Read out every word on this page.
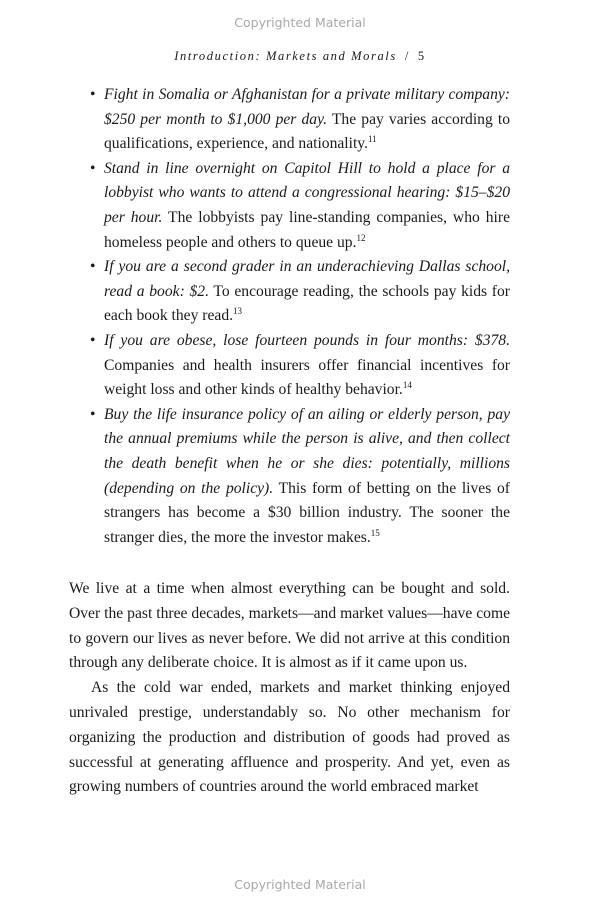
Copyrighted Material
Introduction: Markets and Morals / 5
• Fight in Somalia or Afghanistan for a private military company: $250 per month to $1,000 per day. The pay varies according to qualifications, experience, and nationality.$^{11}$
• Stand in line overnight on Capitol Hill to hold a place for a lobbyist who wants to attend a congressional hearing: $15–$20 per hour. The lobbyists pay line-standing companies, who hire homeless people and others to queue up.$^{12}$
• If you are a second grader in an underachieving Dallas school, read a book: $2. To encourage reading, the schools pay kids for each book they read.$^{13}$
• If you are obese, lose fourteen pounds in four months: $378. Companies and health insurers offer financial incentives for weight loss and other kinds of healthy behavior.$^{14}$
• Buy the life insurance policy of an ailing or elderly person, pay the annual premiums while the person is alive, and then collect the death benefit when he or she dies: potentially, millions (depending on the policy). This form of betting on the lives of strangers has become a $30 billion industry. The sooner the stranger dies, the more the investor makes.$^{15}$

We live at a time when almost everything can be bought and sold. Over the past three decades, markets—and market values—have come to govern our lives as never before. We did not arrive at this condition through any deliberate choice. It is almost as if it came upon us.

As the cold war ended, markets and market thinking enjoyed unrivaled prestige, understandably so. No other mechanism for organizing the production and distribution of goods had proved as successful at generating affluence and prosperity. And yet, even as growing numbers of countries around the world embraced market

Copyrighted Material
